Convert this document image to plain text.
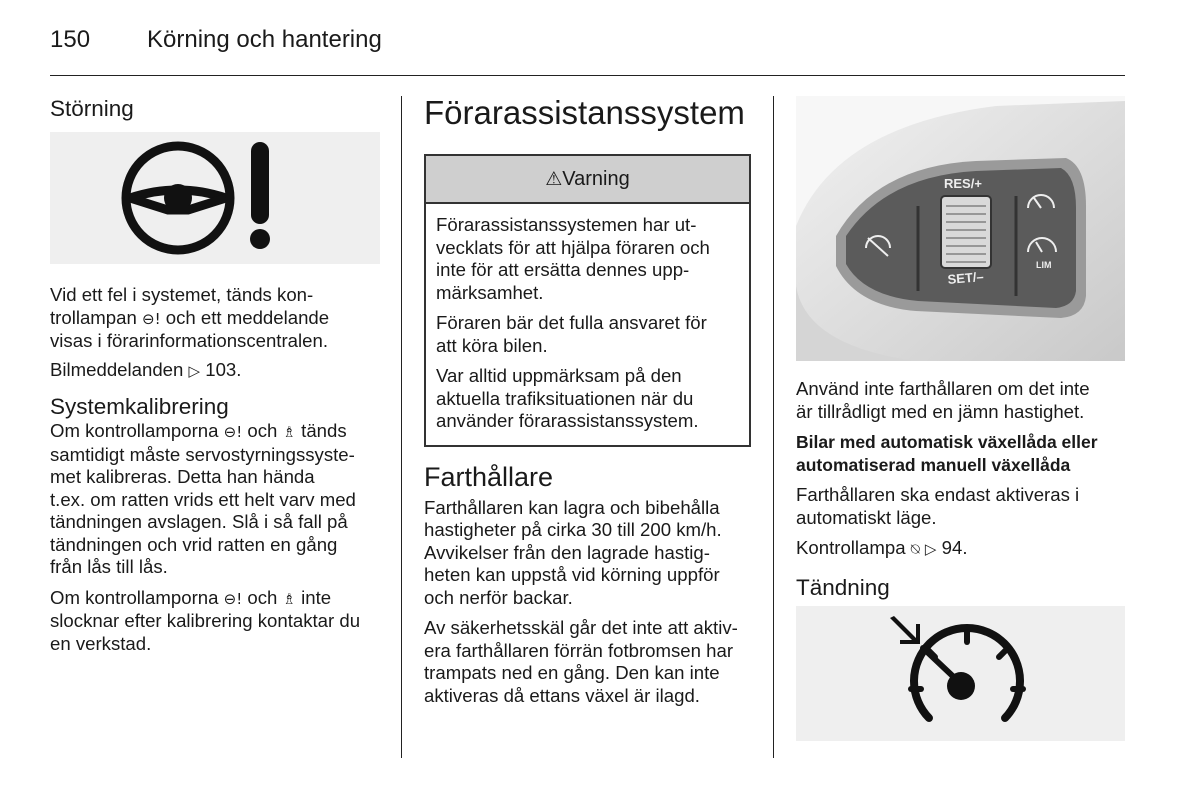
150 Körning och hantering
Störning
Vid ett fel i systemet, tänds kon-
trollampan ⊖! och ett meddelande
visas i förarinformationscentralen.

Bilmeddelanden ▷ 103.

Systemkalibrering
Om kontrollamporna ⊖! och ♗ tänds
samtidigt måste servostyrningssyste-
met kalibreras. Detta han hända
t.ex. om ratten vrids ett helt varv med
tändningen avslagen. Slå i så fall på
tändningen och vrid ratten en gång
från lås till lås.
Om kontrollamporna ⊖! och ♗ inte
slocknar efter kalibrering kontaktar du
en verkstad.
Förarassistanssystem
⚠ Varning

Förarassistanssystemen har ut-
vecklats för att hjälpa föraren och
inte för att ersätta dennes upp-
märksamhet.

Föraren bär det fulla ansvaret för
att köra bilen.

Var alltid uppmärksam på den
aktuella trafiksituationen när du
använder förarassistanssystem.

Farthållare

Farthållaren kan lagra och bibehålla
hastigheter på cirka 30 till 200 km/h.
Avvikelser från den lagrade hastig-
heten kan uppstå vid körning uppför
och nerför backar.

Av säkerhetsskäl går det inte att aktiv-
era farthållaren förrän fotbromsen har
trampats ned en gång. Den kan inte
aktiveras då ettans växel är ilagd.

RES/+
SET/–
LIM

Använd inte farthållaren om det inte
är tillrådligt med en jämn hastighet.

Bilar med automatisk växellåda eller
automatiserad manuell växellåda

Farthållaren ska endast aktiveras i
automatiskt läge.

Kontrollampa ⍉ ▷ 94.

Tändning
